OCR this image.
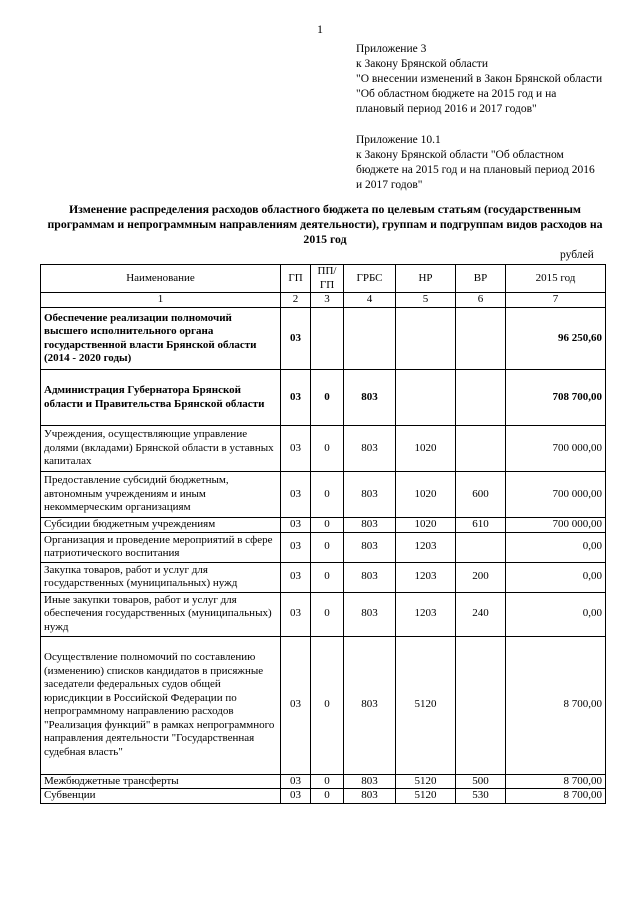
1
Приложение 3
к Закону Брянской области
"О внесении изменений в Закон Брянской области
"Об областном бюджете на 2015 год и на
плановый период 2016 и 2017 годов"
Приложение 10.1
к Закону Брянской области "Об областном
бюджете на 2015 год и на плановый период 2016
и 2017 годов"
Изменение распределения расходов областного бюджета по целевым статьям (государственным
программам и непрограммным направлениям деятельности), группам и подгруппам видов расходов на
2015 год
рублей
Наименование	ГП	ПП/ГП	ГРБС	НР	ВР	2015 год
1	2	3	4	5	6	7
Обеспечение реализации полномочий высшего исполнительного органа государственной власти Брянской области (2014 - 2020 годы)	03					96 250,60
Администрация Губернатора Брянской области и Правительства Брянской области	03	0	803			708 700,00
Учреждения, осуществляющие управление долями (вкладами) Брянской области в уставных капиталах	03	0	803	1020		700 000,00
Предоставление субсидий бюджетным, автономным учреждениям и иным некоммерческим организациям	03	0	803	1020	600	700 000,00
Субсидии бюджетным учреждениям	03	0	803	1020	610	700 000,00
Организация и проведение мероприятий в сфере патриотического воспитания	03	0	803	1203		0,00
Закупка товаров, работ и услуг для государственных (муниципальных) нужд	03	0	803	1203	200	0,00
Иные закупки товаров, работ и услуг для обеспечения государственных (муниципальных) нужд	03	0	803	1203	240	0,00
Осуществление полномочий по составлению (изменению) списков кандидатов в присяжные заседатели федеральных судов общей юрисдикции в Российской Федерации по непрограммному направлению расходов "Реализация функций" в рамках непрограммного направления деятельности "Государственная судебная власть"	03	0	803	5120		8 700,00
Межбюджетные трансферты	03	0	803	5120	500	8 700,00
Субвенции	03	0	803	5120	530	8 700,00
